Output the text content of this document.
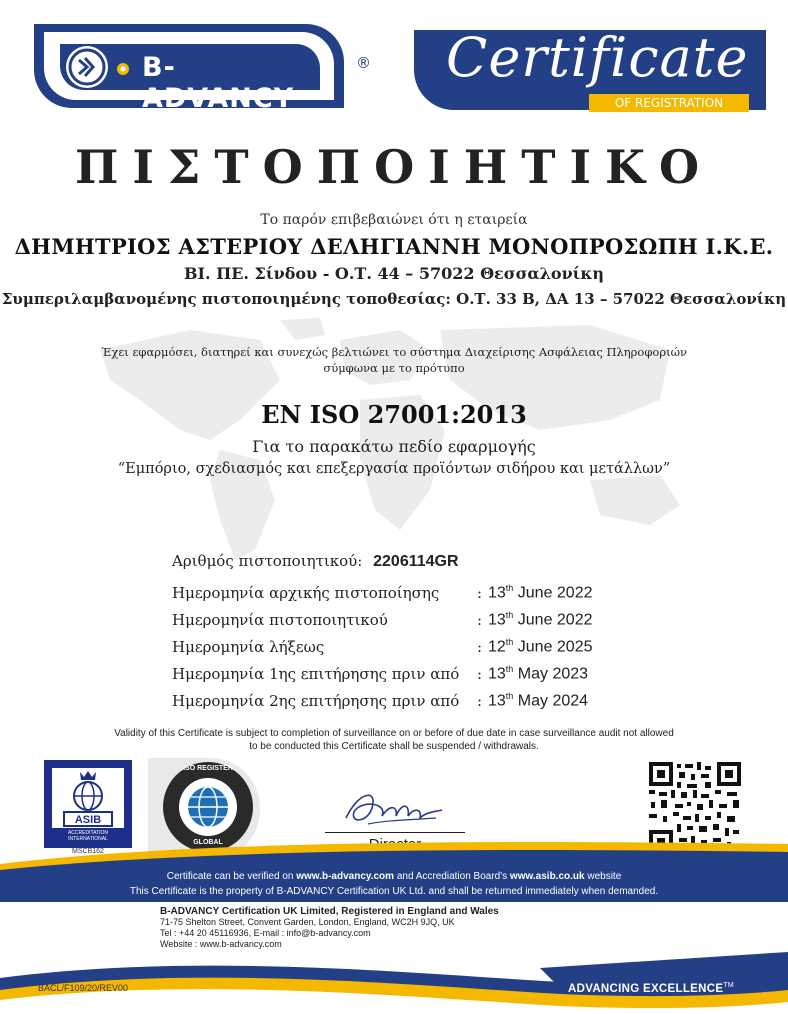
B-ADVANCY
® Certificate
OF REGISTRATION
ΠΙΣΤΟΠΟΙΗΤΙΚΟ
Το παρόν επιβεβαιώνει ότι η εταιρεία
ΔΗΜΗΤΡΙΟΣ ΑΣΤΕΡΙΟΥ ΔΕΛΗΓΙΑΝΝΗ ΜΟΝΟΠΡΟΣΩΠΗ Ι.Κ.Ε.
ΒΙ. ΠΕ. Σίνδου - Ο.Τ. 44 – 57022 Θεσσαλονίκη
Συμπεριλαμβανομένης πιστοποιημένης τοποθεσίας: Ο.Τ. 33 Β, ΔΑ 13 – 57022 Θεσσαλονίκη
Έχει εφαρμόσει, διατηρεί και συνεχώς βελτιώνει το σύστημα Διαχείρισης Ασφάλειας Πληροφοριών
σύμφωνα με το πρότυπο
EN ISO 27001:2013
Για το παρακάτω πεδίο εφαρμογής
“Εμπόριο, σχεδιασμός και επεξεργασία προϊόντων σιδήρου και μετάλλων”
Αριθμός πιστοποιητικού: 2206114GR
Ημερομηνία αρχικής πιστοποίησης	: 13th June 2022
Ημερομηνία πιστοποιητικού	: 13th June 2022
Ημερομηνία λήξεως	: 12th June 2025
Ημερομηνία 1ης επιτήρησης πριν από : 13th May 2023
Ημερομηνία 2ης επιτήρησης πριν από : 13th May 2024
Validity of this Certificate is subject to completion of surveillance on or before of due date in case surveillance audit not allowed
to be conducted this Certificate shall be suspended / withdrawals.
ASIB
ACCREDITATION INTERNATIONAL
MSCB162
ISO REGISTER
GLOBAL
Certificate can be verified on www.b-advancy.com and Accrediation Board's www.asib.co.uk website
This Certificate is the property of B-ADVANCY Certification UK Ltd. and shall be returned immediately when demanded.
B-ADVANCY Certification UK Limited, Registered in England and Wales
71-75 Shelton Street, Convent Garden, London, England, WC2H 9JQ, UK
Tel : +44 20 45116936, E-mail : info@b-advancy.com
Website : www.b-advancy.com
BACL/F109/20/REV00	ADVANCING EXCELLENCE™
